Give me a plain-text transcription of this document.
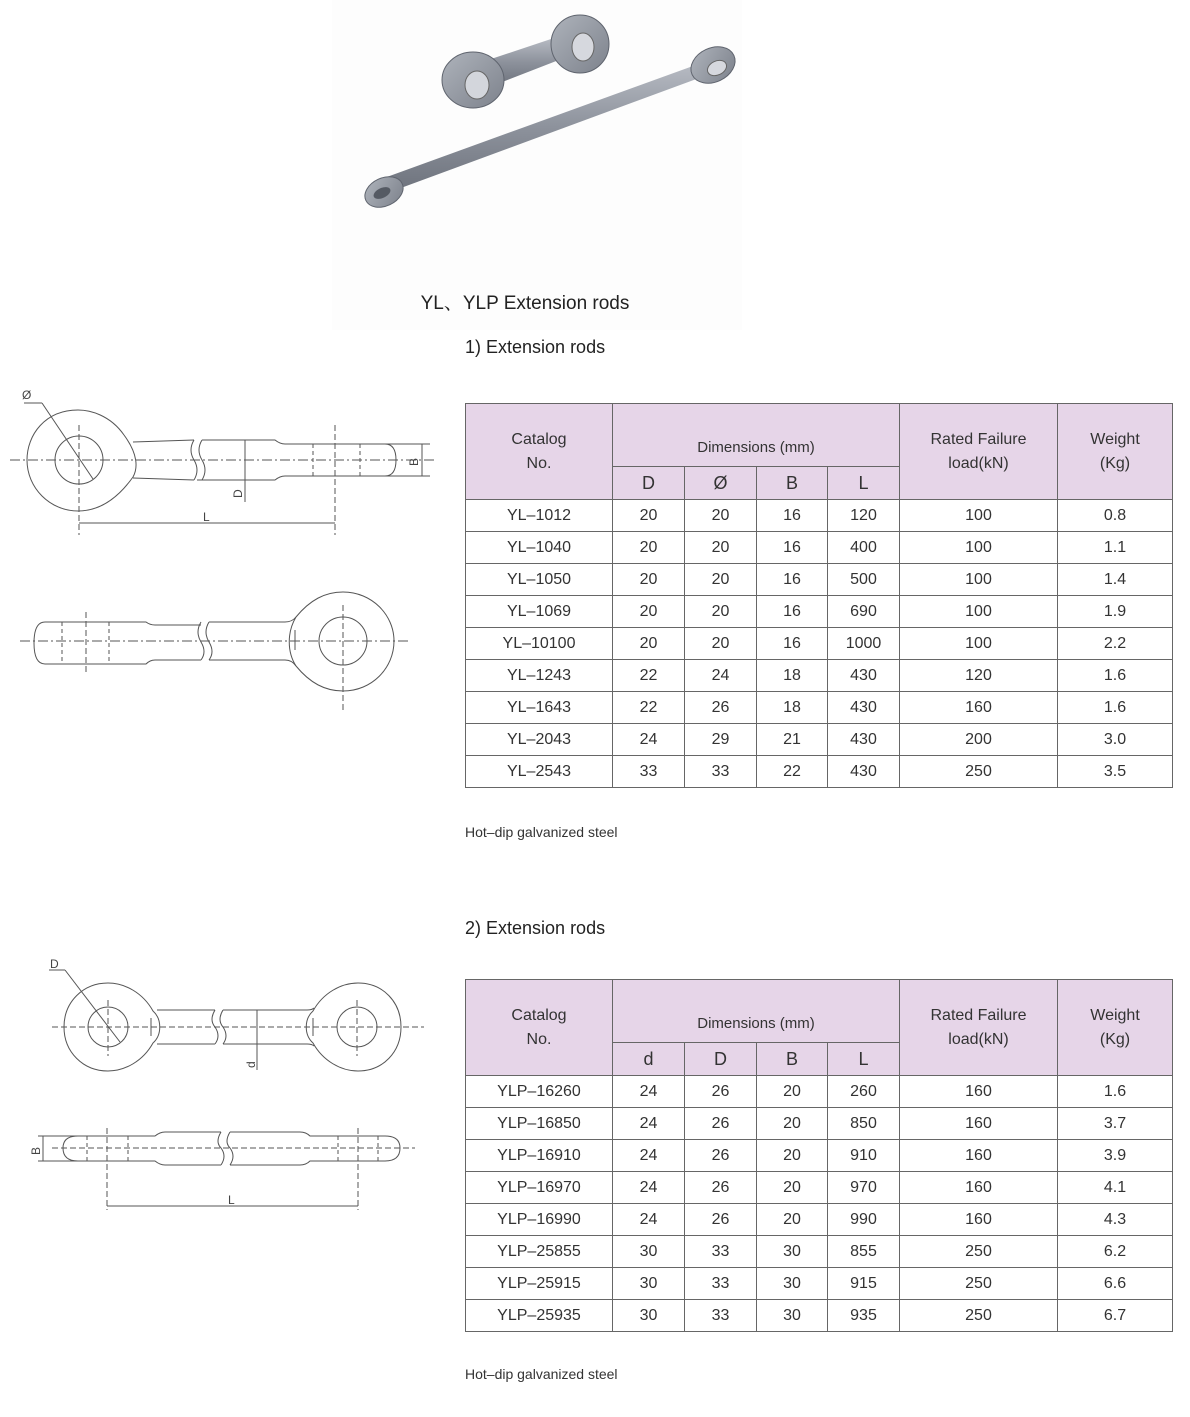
YL、YLP Extension rods
1) Extension rods
Ø
D
B
L
Catalog
No.
	Dimensions (mm)	Rated Failure
load(kN)

Weight
(Kg)

D	Ø	B	L
YL–1012	20	20	16	120	100	0.8
YL–1040	20	20	16	400	100	1.1
YL–1050	20	20	16	500	100	1.4
YL–1069	20	20	16	690	100	1.9
YL–10100	20	20	16	1000	100	2.2
YL–1243	22	24	18	430	120	1.6
YL–1643	22	26	18	430	160	1.6
YL–2043	24	29	21	430	200	3.0
YL–2543	33	33	22	430	250	3.5
Hot–dip galvanized steel
2) Extension rods
D
d
B
L
Catalog
No.
	Dimensions (mm)	Rated Failure
load(kN)

Weight
(Kg)

d	D	B	L
YLP–16260	24	26	20	260	160	1.6
YLP–16850	24	26	20	850	160	3.7
YLP–16910	24	26	20	910	160	3.9
YLP–16970	24	26	20	970	160	4.1
YLP–16990	24	26	20	990	160	4.3
YLP–25855	30	33	30	855	250	6.2
YLP–25915	30	33	30	915	250	6.6
YLP–25935	30	33	30	935	250	6.7
Hot–dip galvanized steel
